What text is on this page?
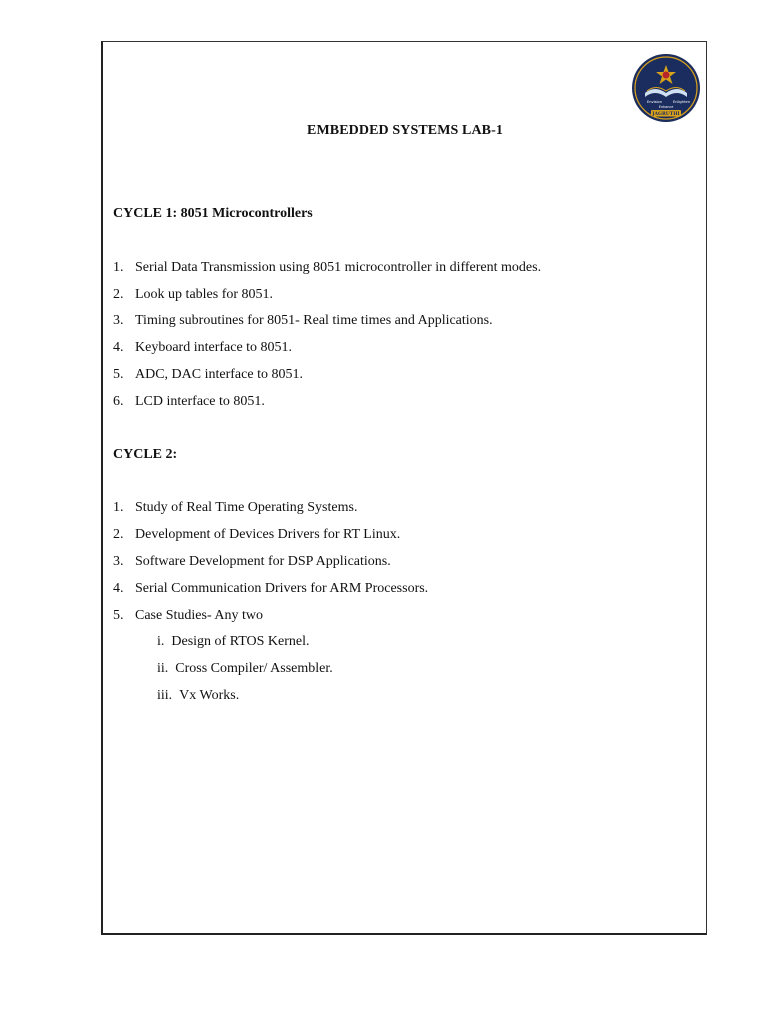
Envision	Enlighten
Enhance
JAGRUTHI
EMBEDDED SYSTEMS LAB-1
CYCLE 1: 8051 Microcontrollers
1. Serial Data Transmission using 8051 microcontroller in different modes.
2. Look up tables for 8051.
3. Timing subroutines for 8051- Real time times and Applications.
4. Keyboard interface to 8051.
5. ADC, DAC interface to 8051.
6. LCD interface to 8051.
CYCLE 2:
1. Study of Real Time Operating Systems.
2. Development of Devices Drivers for RT Linux.
3. Software Development for DSP Applications.
4. Serial Communication Drivers for ARM Processors.
5. Case Studies- Any two
i. Design of RTOS Kernel.
ii. Cross Compiler/ Assembler.
iii. Vx Works.
